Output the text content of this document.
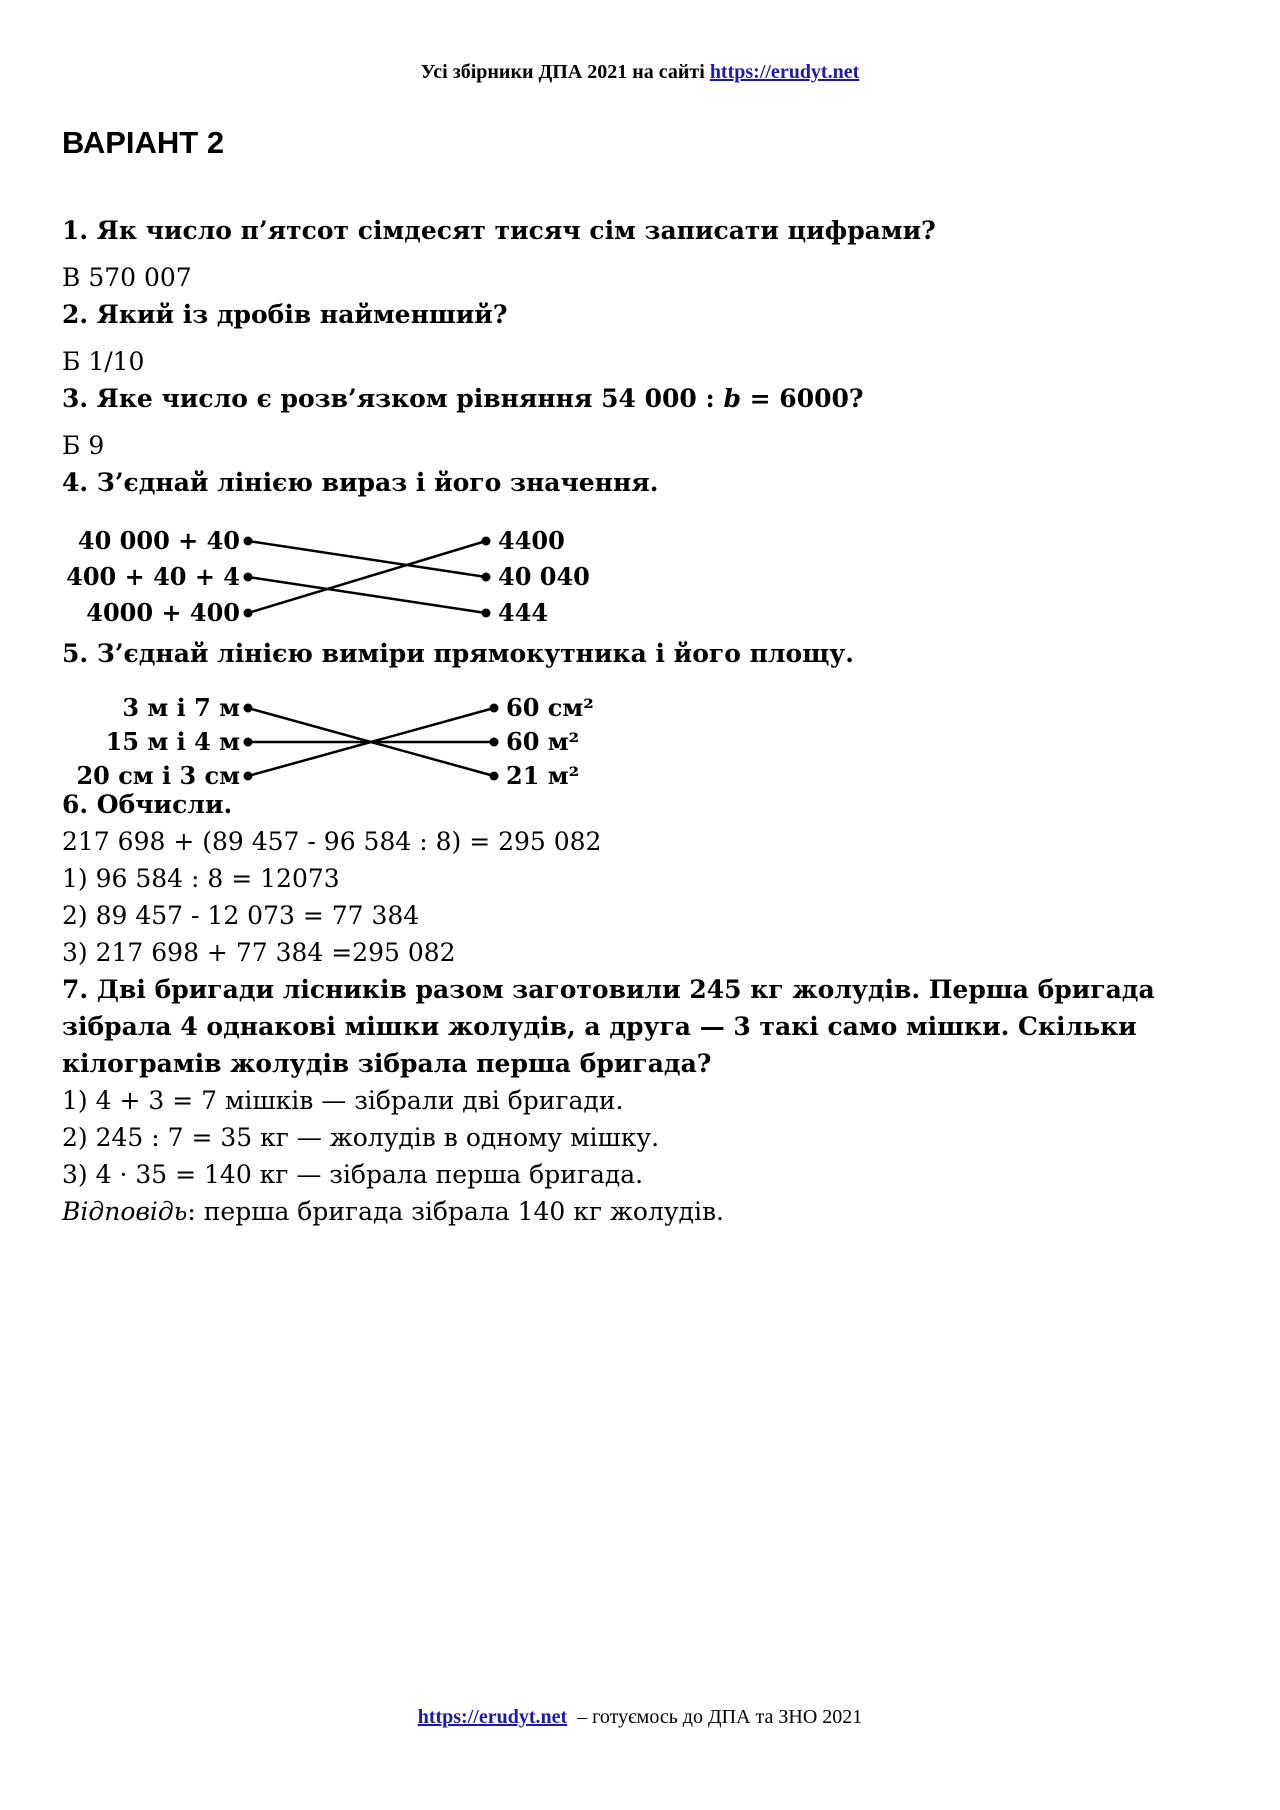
Усі збірники ДПА 2021 на сайті https://erudyt.net
ВАРІАНТ 2
1. Як число п’ятсот сімдесят тисяч сім записати цифрами?
В 570 007
2. Який із дробів найменший?
Б 1/10
3. Яке число є розв’язком рівняння 54 000 : b = 6000?
Б 9
4. З’єднай лінією вираз і його значення.
40 000 + 40
400 + 40 + 4
4000 + 400
4400
40 040
444
5. З’єднай лінією виміри прямокутника і його площу.
3 м і 7 м
15 м і 4 м
20 см і 3 см
60 см²
60 м²
21 м²
6. Обчисли.
217 698 + (89 457 - 96 584 : 8) = 295 082
1) 96 584 : 8 = 12073
2) 89 457 - 12 073 = 77 384
3) 217 698 + 77 384 =295 082
7. Дві бригади лісників разом заготовили 245 кг жолудів. Перша бригада зібрала 4 однакові мішки жолудів, а друга — 3 такі само мішки. Скільки кілограмів жолудів зібрала перша бригада?
1) 4 + 3 = 7 мішків — зібрали дві бригади.
2) 245 : 7 = 35 кг — жолудів в одному мішку.
3) 4 · 35 = 140 кг — зібрала перша бригада.
Відповідь: перша бригада зібрала 140 кг жолудів.
https://erudyt.net  – готуємось до ДПА та ЗНО 2021
